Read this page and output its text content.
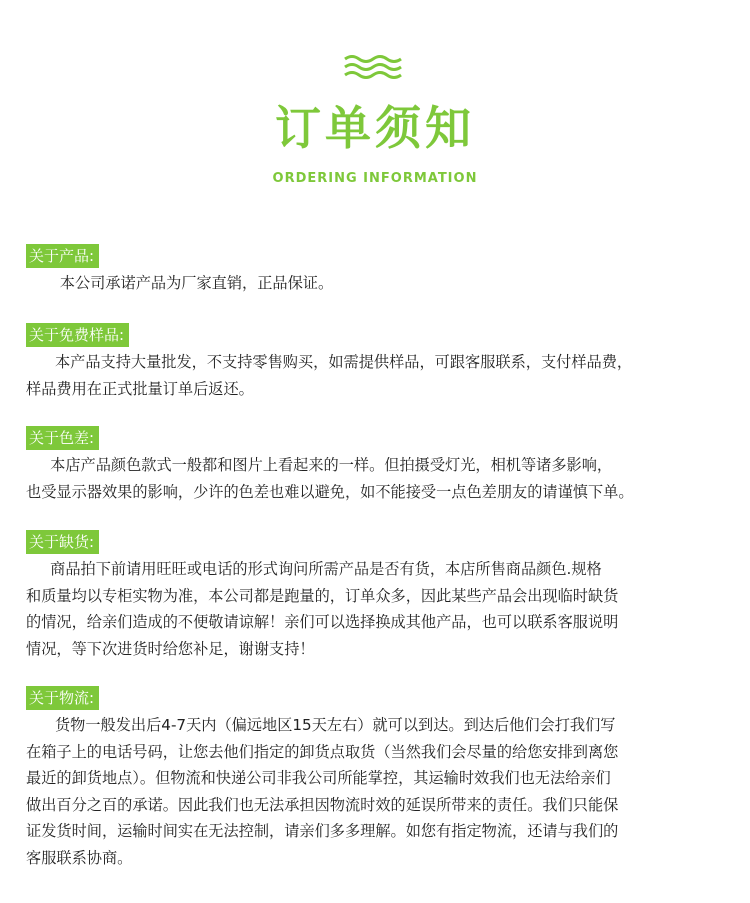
订单须知
ORDERING INFORMATION
关于产品:

本公司承诺产品为厂家直销，正品保证。

关于免费样品:

本产品支持大量批发，不支持零售购买，如需提供样品，可跟客服联系，支付样品费，
样品费用在正式批量订单后返还。

关于色差:

本店产品颜色款式一般都和图片上看起来的一样。但拍摄受灯光，相机等诸多影响，
也受显示器效果的影响，少许的色差也难以避免，如不能接受一点色差朋友的请谨慎下单。

关于缺货:

商品拍下前请用旺旺或电话的形式询问所需产品是否有货，本店所售商品颜色.规格
和质量均以专柜实物为准，本公司都是跑量的，订单众多，因此某些产品会出现临时缺货
的情况，给亲们造成的不便敬请谅解！亲们可以选择换成其他产品，也可以联系客服说明
情况，等下次进货时给您补足，谢谢支持！

关于物流:

货物一般发出后4-7天内（偏远地区15天左右）就可以到达。到达后他们会打我们写
在箱子上的电话号码，让您去他们指定的卸货点取货（当然我们会尽量的给您安排到离您
最近的卸货地点）。但物流和快递公司非我公司所能掌控，其运输时效我们也无法给亲们
做出百分之百的承诺。因此我们也无法承担因物流时效的延误所带来的责任。我们只能保
证发货时间，运输时间实在无法控制，请亲们多多理解。如您有指定物流，还请与我们的
客服联系协商。
